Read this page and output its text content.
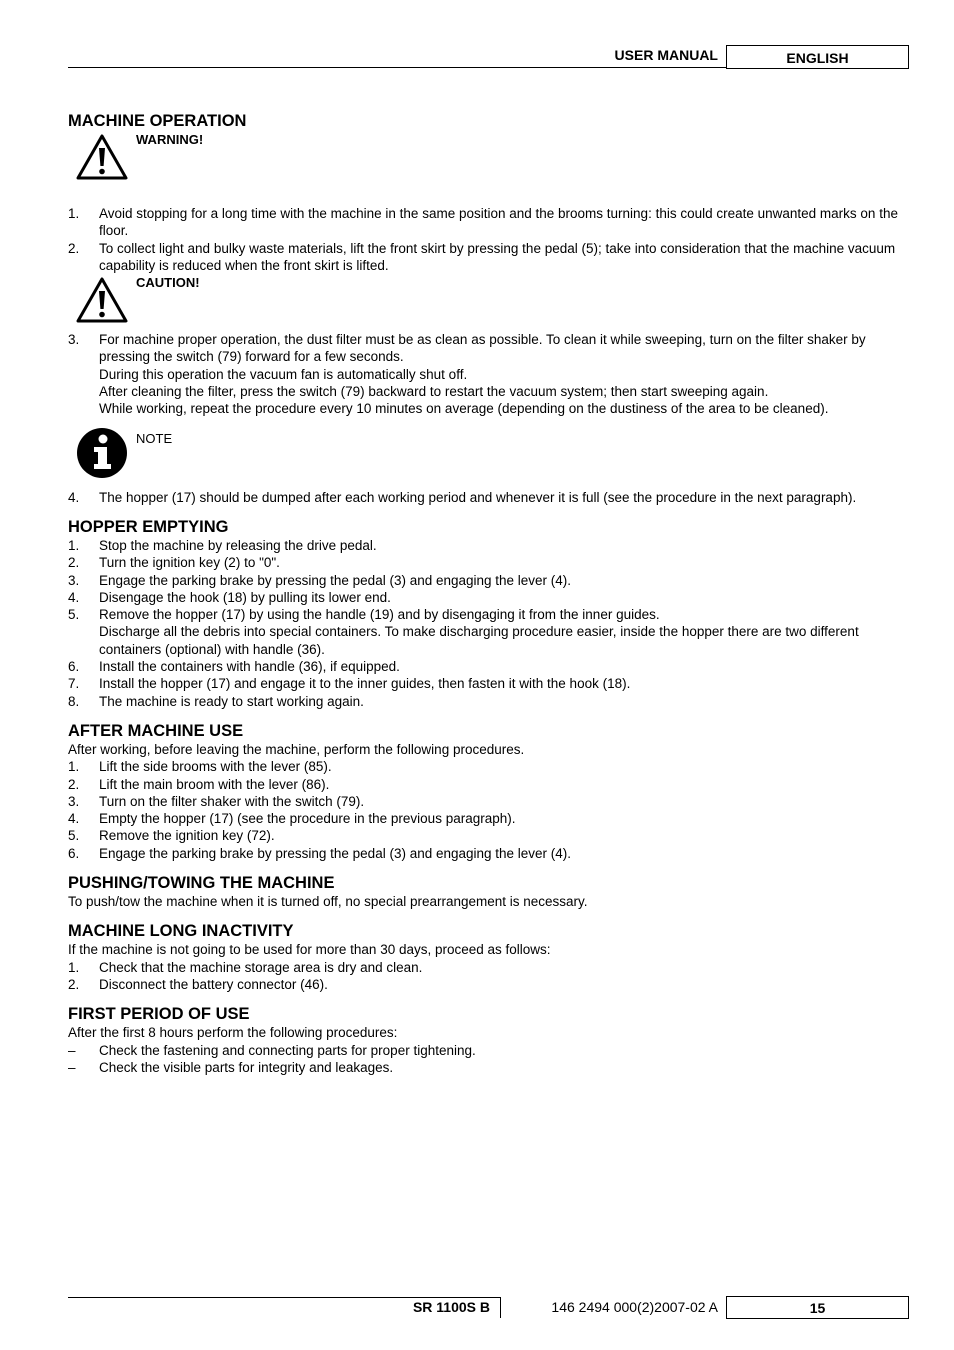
USER MANUAL	ENGLISH
MACHINE OPERATION
WARNING!
1.	Avoid stopping for a long time with the machine in the same position and the brooms turning: this could create unwanted marks on the floor.
2.	To collect light and bulky waste materials, lift the front skirt by pressing the pedal (5); take into consideration that the machine vacuum capability is reduced when the front skirt is lifted.
CAUTION!
3.	For machine proper operation, the dust filter must be as clean as possible. To clean it while sweeping, turn on the filter shaker by pressing the switch (79) forward for a few seconds.
During this operation the vacuum fan is automatically shut off.
After cleaning the filter, press the switch (79) backward to restart the vacuum system; then start sweeping again.
While working, repeat the procedure every 10 minutes on average (depending on the dustiness of the area to be cleaned).
NOTE
4.	The hopper (17) should be dumped after each working period and whenever it is full (see the procedure in the next paragraph).
HOPPER EMPTYING
1.	Stop the machine by releasing the drive pedal.
2.	Turn the ignition key (2) to "0".
3.	Engage the parking brake by pressing the pedal (3) and engaging the lever (4).
4.	Disengage the hook (18) by pulling its lower end.
5.	Remove the hopper (17) by using the handle (19) and by disengaging it from the inner guides.
Discharge all the debris into special containers. To make discharging procedure easier, inside the hopper there are two different containers (optional) with handle (36).
6.	Install the containers with handle (36), if equipped.
7.	Install the hopper (17) and engage it to the inner guides, then fasten it with the hook (18).
8.	The machine is ready to start working again.
AFTER MACHINE USE

After working, before leaving the machine, perform the following procedures.

1.	Lift the side brooms with the lever (85).
2.	Lift the main broom with the lever (86).
3.	Turn on the filter shaker with the switch (79).
4.	Empty the hopper (17) (see the procedure in the previous paragraph).
5.	Remove the ignition key (72).
6.	Engage the parking brake by pressing the pedal (3) and engaging the lever (4).
PUSHING/TOWING THE MACHINE

To push/tow the machine when it is turned off, no special prearrangement is necessary.

MACHINE LONG INACTIVITY

If the machine is not going to be used for more than 30 days, proceed as follows:

1.	Check that the machine storage area is dry and clean.
2.	Disconnect the battery connector (46).
FIRST PERIOD OF USE

After the first 8 hours perform the following procedures:

–	Check the fastening and connecting parts for proper tightening.
–	Check the visible parts for integrity and leakages.
SR 1100S B	146 2494 000(2)2007-02 A	15
